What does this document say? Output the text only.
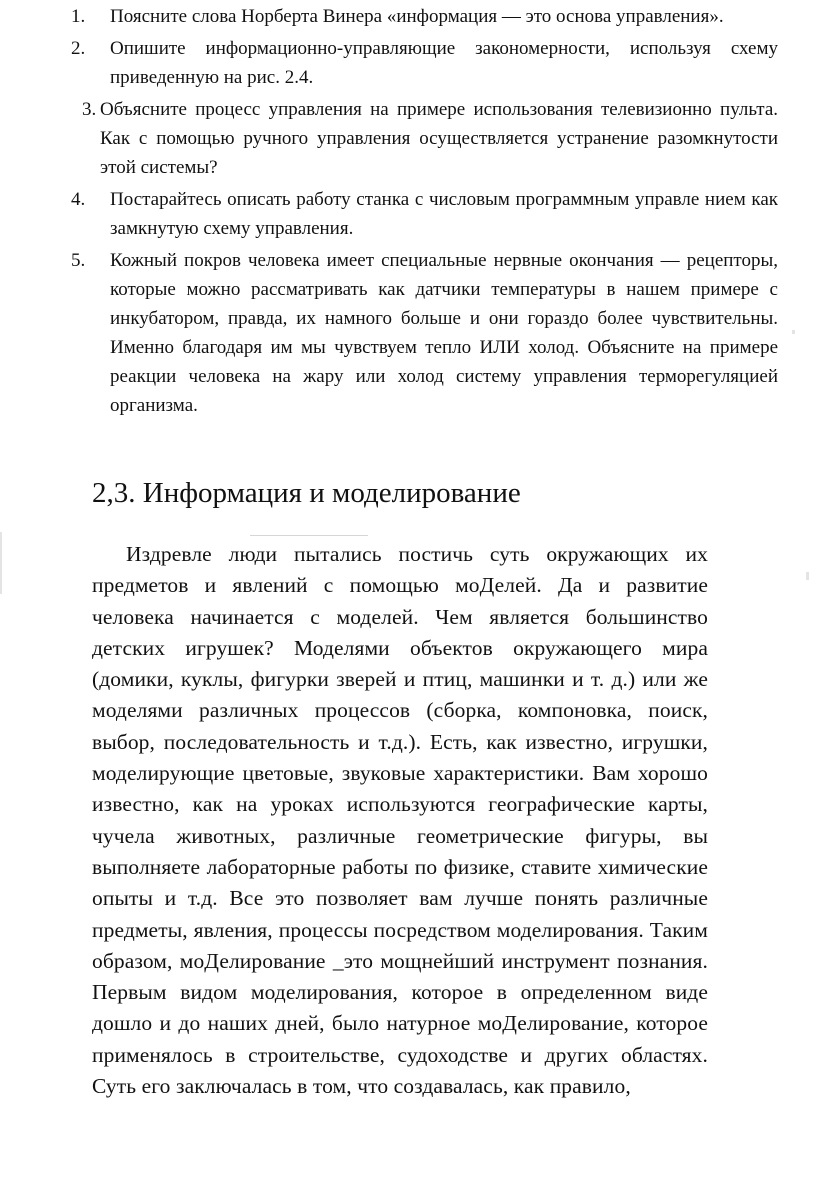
1. Поясните слова Норберта Винера «информация — это основа управления».
2. Опишите информационно-управляющие закономерности, используя схему приведенную на рис. 2.4.
3. Объясните процесс управления на примере использования телевизионно пульта. Как с помощью ручного управления осуществляется устранение разомкнутости этой системы?
4. Постарайтесь описать работу станка с числовым программным управле нием как замкнутую схему управления.
5. Кожный покров человека имеет специальные нервные окончания — рецепторы, которые можно рассматривать как датчики температуры в нашем примере с инкубатором, правда, их намного больше и они гораздо более чувствительны. Именно благодаря им мы чувствуем тепло ИЛИ холод. Объясните на примере реакции человека на жару или холод систему управления терморегуляцией организма.
2,3. Информация и моделирование

Издревле люди пытались постичь суть окружающих их предметов и явлений с помощью моДелей. Да и развитие человека начинается с моделей. Чем является большинство детских игрушек? Моделями объектов окружающего мира (домики, куклы, фигурки зверей и птиц, машинки и т. д.) или же моделями различных процессов (сборка, компоновка, поиск, выбор, последовательность и т.д.). Есть, как известно, игрушки, моделирующие цветовые, звуковые характеристики. Вам хорошо известно, как на уроках используются географические карты, чучела животных, различные геометрические фигуры, вы выполняете лабораторные работы по физике, ставите химические опыты и т.д. Все это позволяет вам лучше понять различные предметы, явления, процессы посредством моделирования. Таким образом, моДелирование _это мощнейший инструмент познания. Первым видом моделирования, которое в определенном виде дошло и до наших дней, было натурное моДелирование, которое применялось в строительстве, судоходстве и других областях. Суть его заключалась в том, что создавалась, как правило,
